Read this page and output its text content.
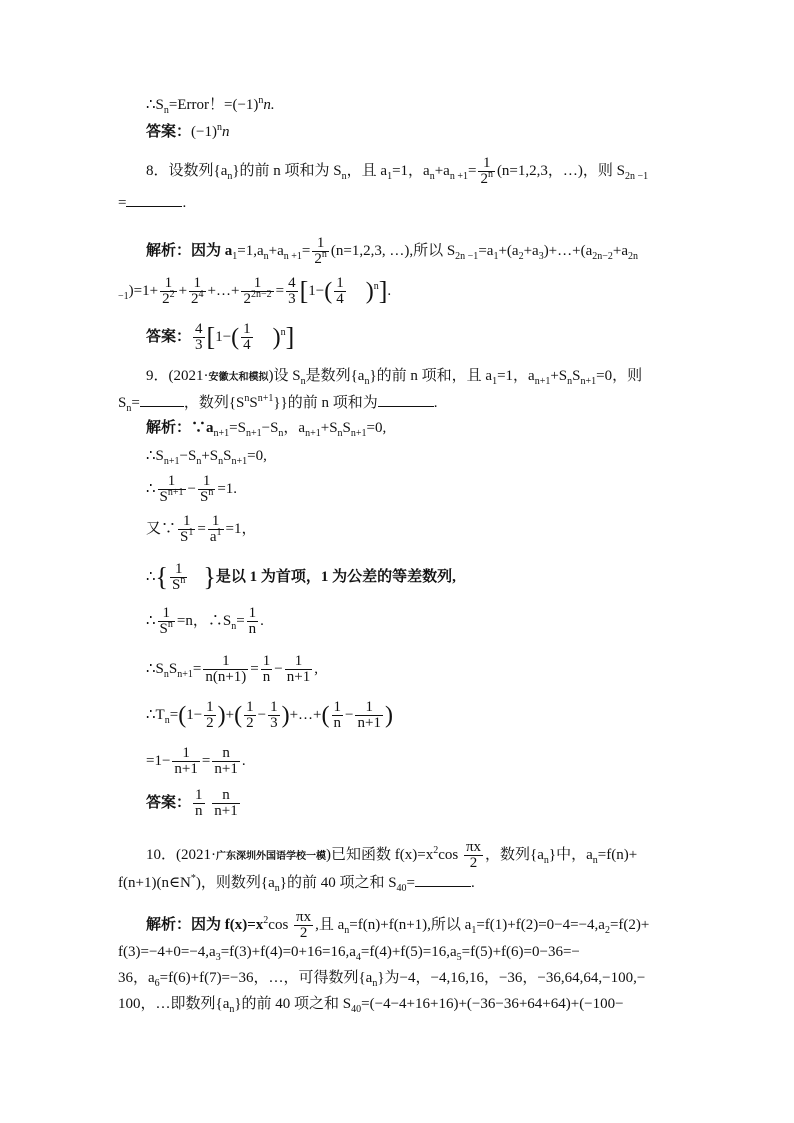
$\therefore S_n=Error$！$=(-1)^nn$.
答案：$(-1)^nn$
8．设数列$\{a_n\}$的前 n 项和为 $S_n$，且 $a_1=1$，$a_n+a_{n +1}= \frac{1}{2^n} (n=1,2,3$，…)，则 $S_{2n -1}$
=	.
解析：因为 $a_1=1,a_n+a_{n +1}= \frac{1}{2^n} (n=1,2,3$, …),所以 $S_{2n -1}=a_1+(a_2+a_3)+\dots+(a_{2n-2}+a_{2n}$
$_{-1})=1+ \frac{1}{2^2} + \frac{1}{2^4}$ +…+ $\frac{1}{2^{2n-2}} = \frac{4}{3} [1-( \frac{1}{4} )^n]$.
答案： $\frac{4}{3} [1-( \frac{1}{4} )^n]$
9．(2021·安徽太和模拟)设 $S_n$是数列$\{a_n\}$的前 n 项和，且 $a_1=1$，$a_{n+1}+S_nS_{n+1}=0$，则
$S_n=$	，数列$\{S^nS^{n+1}\}$}的前 n 项和为	.
解析：$\because a_{n+1}=S_{n+1}-S_n$，$a_{n+1}+S_nS_{n+1}=0$,
$\therefore S_{n+1}-S_n+S_nS_{n+1}=0$,
∴ $\frac{1}{S^{n+1}} - \frac{1}{S^n} =1$.
又∵ $\frac{1}{S^1} = \frac{1}{a^1} =1$，
∴{ $\frac{1}{S^n}$ }是以 1 为首项，1 为公差的等差数列,
∴ $\frac{1}{S^n} =n$，$\therefore S_n= \frac{1}{n}$ .
$\therefore S_nS_{n+1}= \frac{1}{n(n+1)} = \frac{1}{n} - \frac{1}{n+1}$ ,
$\therefore T_n=(1- \frac{1}{2}$ )+( $\frac{1}{2} - \frac{1}{3}$ )+…+( $\frac{1}{n} - \frac{1}{n+1}$ )
$=1- \frac{1}{n+1} = \frac{n}{n+1}$ .
答案： $\frac{1}{n}$
$\frac{n}{n+1}$
10．(2021·广东深圳外国语学校一模)已知函数 $f(x)=x^2\cos \frac{\pi x}{2}$ ，数列$\{a_n\}$中，$a_n=f(n)+$
f(n+1)(n∈N*)，则数列$\{a_n\}$的前 40 项之和 $S_{40}=$	.
解析：因为 $f(x)=x^2\cos \frac{\pi x}{2}$ ,且 $a_n=f(n)+f(n+1)$,所以 $a_1=f(1)+f(2)=0-4=-4,a_2=f(2)+$
$f(3)=-4+0=-4,a_3=f(3)+f(4)=0+16=16,a_4=f(4)+f(5)=16,a_5=f(5)+f(6)=0-36=-$
36，$a_6=f(6)+f(7)=-36$，…，可得数列$\{a_n\}$为−4，−4,16,16，−36，−36,64,64,−100,−
100，…即数列$\{a_n\}$的前 40 项之和 $S_{40}=(-4-4+16+16)+(-36-36+64+64)+(-100-$
